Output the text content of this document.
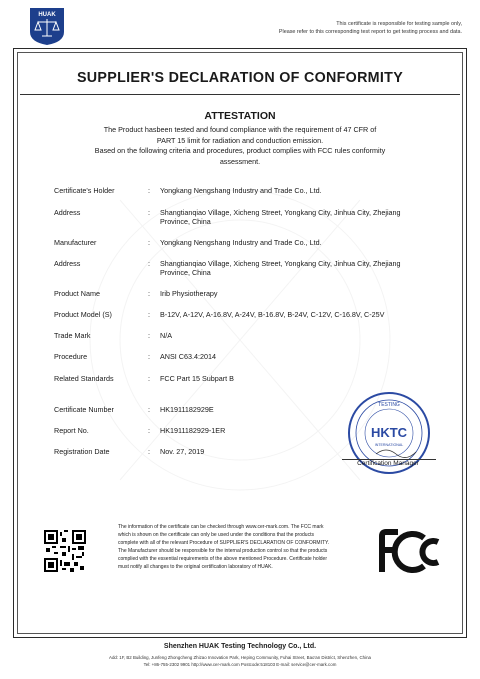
HUAK
This certificate is responsible for testing sample only,
Please refer to this corresponding test report to get testing process and data.
SUPPLIER'S DECLARATION OF CONFORMITY
ATTESTATION
The Product hasbeen tested and found compliance with the requirement of 47 CFR of
PART 15 limit for radiation and conduction emission.
Based on the following criteria and procedures, product complies with FCC rules conformity
assessment.
Certificate's Holder	:	Yongkang Nengshang Industry and Trade Co., Ltd.
Address	:	Shangtianqiao Village, Xicheng Street, Yongkang City, Jinhua City, Zhejiang Province, China
Manufacturer	:	Yongkang Nengshang Industry and Trade Co., Ltd.
Address	:	Shangtianqiao Village, Xicheng Street, Yongkang City, Jinhua City, Zhejiang Province, China
Product Name	:	Irib Physiotherapy
Product Model (S)	:	B-12V, A-12V, A-16.8V, A-24V, B-16.8V, B-24V, C-12V, C-16.8V, C-25V
Trade Mark	:	N/A
Procedure	:	ANSI C63.4:2014
Related Standards	:	FCC Part 15 Subpart B
Certificate Number	:	HK1911182929E
Report No.	:	HK1911182929-1ER
Registration Date	:	Nov. 27, 2019
TESTING
HKTC
INTERNATIONAL
Certification Manager
The information of the certificate can be checked through www.cer-mark.com. The FCC mark
which is shown on the certificate can only be used under the conditions that the products
complete with all of the relevant Procedure of SUPPLIER'S DECLARATION OF CONFORMITY.
The Manufacturer should be responsible for the internal production control so that the products
complied with the essential requirements of the above mentioned Procedure. Certificate holder
must notify all changes to the original certification laboratory of HUAK.
Shenzhen HUAK Testing Technology Co., Ltd.
Add: 1F, B2 Building, Junfeng Zhongcheng Zhizao Innovation Park, Heping Community, Fuhai Street, Bao'an District, Shenzhen, China
Tel: +86-755-2302 9901 http://www.cer-mark.com Postcode:518103 E-mail: service@cer-mark.com
